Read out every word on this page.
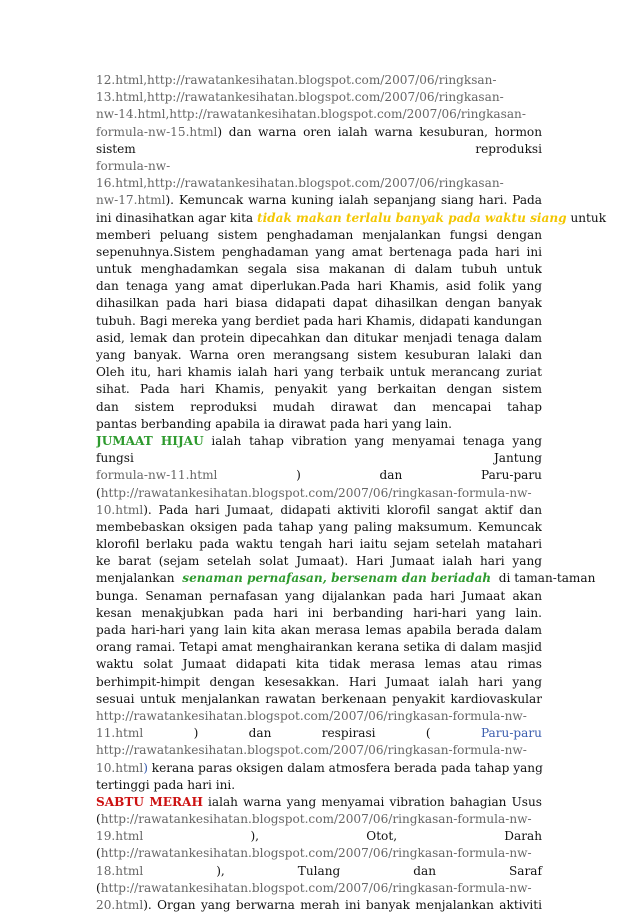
12.html,http://rawatankesihatan.blogspot.com/2007/06/ringksan-
13.html,http://rawatankesihatan.blogspot.com/2007/06/ringkasan-
nw-14.html,http://rawatankesihatan.blogspot.com/2007/06/ringkasan-
formula-nw-15.html) dan warna oren ialah warna kesuburan, hormon
sistem reproduksi
formula-nw-
16.html,http://rawatankesihatan.blogspot.com/2007/06/ringkasan-
nw-17.html). Kemuncak warna kuning ialah sepanjang siang hari. Pada
ini dinasihatkan agar kita tidak makan terlalu banyak pada waktu siang untuk
memberi peluang sistem penghadaman menjalankan fungsi dengan
sepenuhnya.Sistem penghadaman yang amat bertenaga pada hari ini
untuk menghadamkan segala sisa makanan di dalam tubuh untuk
dan tenaga yang amat diperlukan.Pada hari Khamis, asid folik yang
dihasilkan pada hari biasa didapati dapat dihasilkan dengan banyak
tubuh. Bagi mereka yang berdiet pada hari Khamis, didapati kandungan
asid, lemak dan protein dipecahkan dan ditukar menjadi tenaga dalam
yang banyak. Warna oren merangsang sistem kesuburan lalaki dan
Oleh itu, hari khamis ialah hari yang terbaik untuk merancang zuriat
sihat. Pada hari Khamis, penyakit yang berkaitan dengan sistem
dan sistem reproduksi mudah dirawat dan mencapai tahap
pantas berbanding apabila ia dirawat pada hari yang lain.
JUMAAT HIJAU ialah tahap vibration yang menyamai tenaga yang
fungsi Jantung
formula-nw-11.html	)	dan	Paru-paru
(http://rawatankesihatan.blogspot.com/2007/06/ringkasan-formula-nw-
10.html). Pada hari Jumaat, didapati aktiviti klorofil sangat aktif dan
membebaskan oksigen pada tahap yang paling maksumum. Kemuncak
klorofil berlaku pada waktu tengah hari iaitu sejam setelah matahari
ke barat (sejam setelah solat Jumaat). Hari Jumaat ialah hari yang
menjalankan senaman pernafasan, bersenam dan beriadah di taman-taman
bunga. Senaman pernafasan yang dijalankan pada hari Jumaat akan
kesan menakjubkan pada hari ini berbanding hari-hari yang lain.
pada hari-hari yang lain kita akan merasa lemas apabila berada dalam
orang ramai. Tetapi amat menghairankan kerana setika di dalam masjid
waktu solat Jumaat didapati kita tidak merasa lemas atau rimas
berhimpit-himpit dengan kesesakkan. Hari Jumaat ialah hari yang
sesuai untuk menjalankan rawatan berkenaan penyakit kardiovaskular
http://rawatankesihatan.blogspot.com/2007/06/ringkasan-formula-nw-
11.html	)	dan	respirasi	(	Paru-paru
http://rawatankesihatan.blogspot.com/2007/06/ringkasan-formula-nw-
10.html ) kerana paras oksigen dalam atmosfera berada pada tahap yang
tertinggi pada hari ini.
SABTU MERAH ialah warna yang menyamai vibration bahagian Usus
( http://rawatankesihatan.blogspot.com/2007/06/ringkasan-formula-nw-
19.html	),	Otot,	Darah
( http://rawatankesihatan.blogspot.com/2007/06/ringkasan-formula-nw-
18.html	),	Tulang	dan	Saraf
( http://rawatankesihatan.blogspot.com/2007/06/ringkasan-formula-nw-
20.html). Organ yang berwarna merah ini banyak menjalankan aktiviti
